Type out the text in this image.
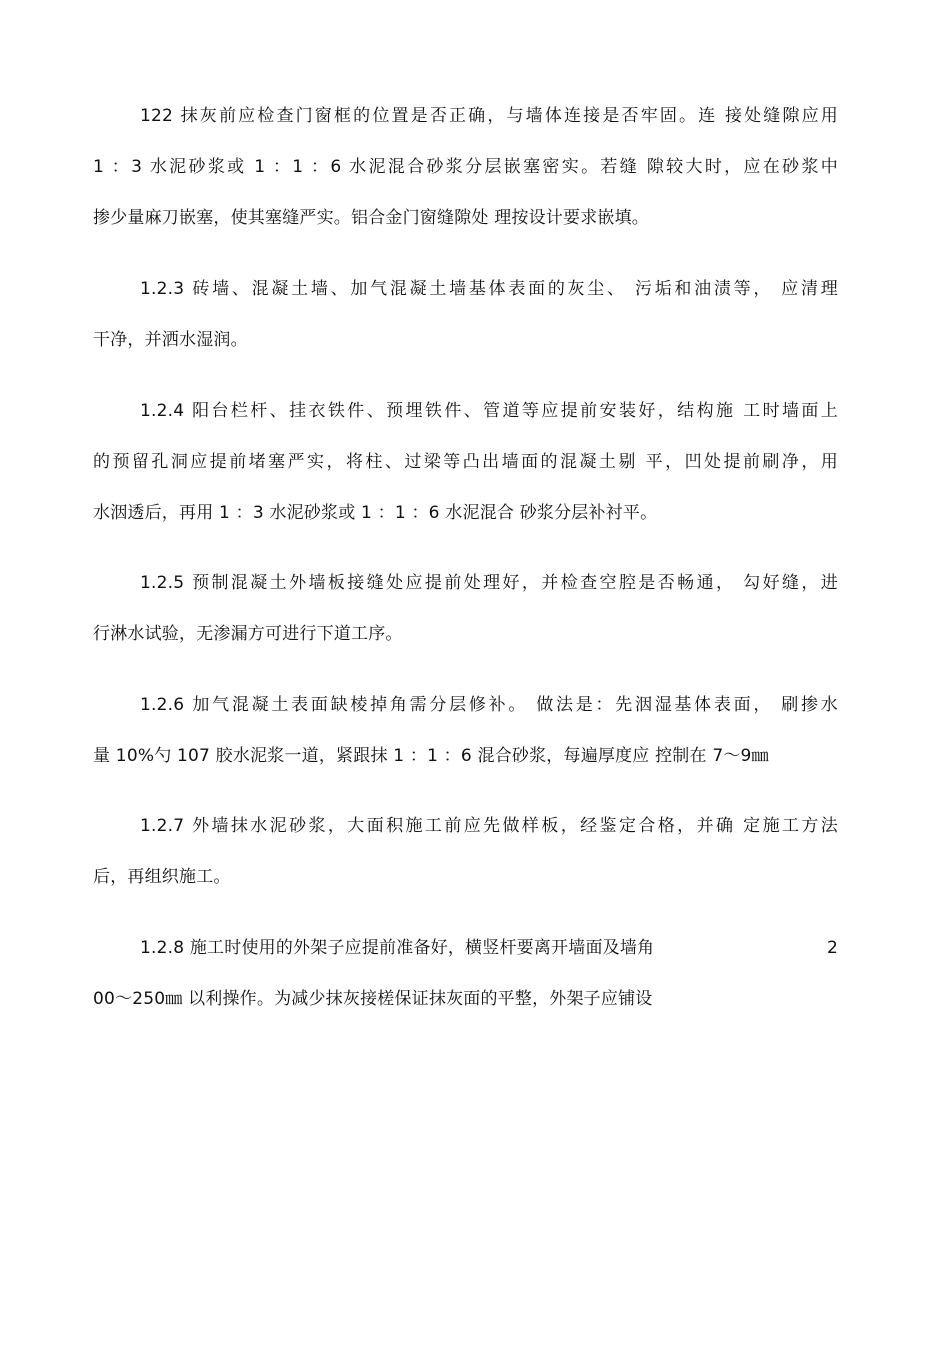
122 抹灰前应检查门窗框的位置是否正确，与墙体连接是否牢固。连 接处缝隙应用
1 ：3 水泥砂浆或 1 ：1 ：6 水泥混合砂浆分层嵌塞密实。若缝 隙较大时，应在砂浆中
掺少量麻刀嵌塞，使其塞缝严实。铝合金门窗缝隙处 理按设计要求嵌填。
1.2.3 砖墙、混凝土墙、加气混凝土墙基体表面的灰尘、 污垢和油渍等， 应清理
干净，并洒水湿润。
1.2.4 阳台栏杆、挂衣铁件、预埋铁件、管道等应提前安装好，结构施 工时墙面上
的预留孔洞应提前堵塞严实，将柱、过梁等凸出墙面的混凝土剔 平，凹处提前刷净，用
水洇透后，再用 1 ：3 水泥砂浆或 1 ：1 ：6 水泥混合 砂浆分层补衬平。
1.2.5 预制混凝土外墙板接缝处应提前处理好，并检查空腔是否畅通， 勾好缝，进
行淋水试验，无渗漏方可进行下道工序。
1.2.6 加气混凝土表面缺棱掉角需分层修补。 做法是：先洇湿基体表面， 刷掺水
量 10%勺 107 胶水泥浆一道，紧跟抹 1 ：1 ：6 混合砂浆，每遍厚度应 控制在 7〜9㎜
1.2.7 外墙抹水泥砂浆，大面积施工前应先做样板，经鉴定合格，并确 定施工方法
后，再组织施工。
1.2.8 施工时使用的外架子应提前准备好，横竖杆要离开墙面及墙角	2
00〜250㎜ 以利操作。为减少抹灰接槎保证抹灰面的平整，外架子应铺设
